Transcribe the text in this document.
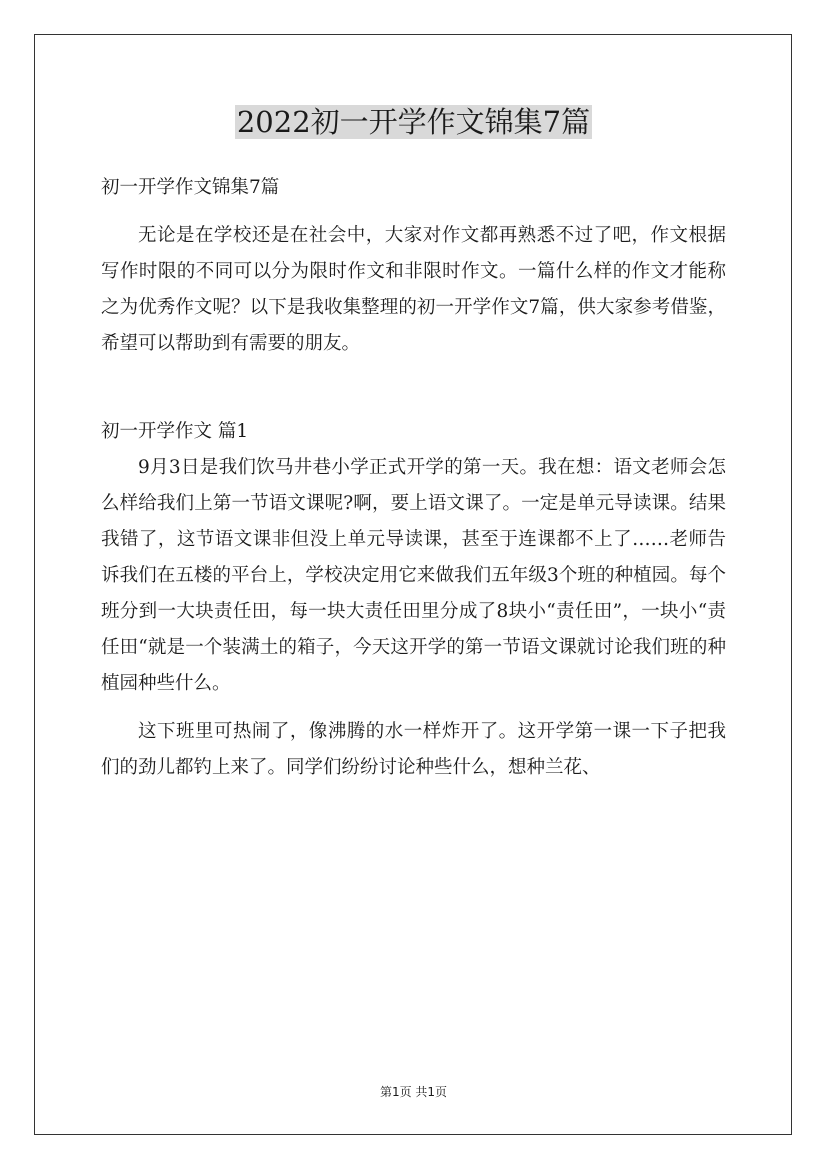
2022初一开学作文锦集7篇

初一开学作文锦集7篇

无论是在学校还是在社会中，大家对作文都再熟悉不过了吧，作文根据写作时限的不同可以分为限时作文和非限时作文。一篇什么样的作文才能称之为优秀作文呢？以下是我收集整理的初一开学作文7篇，供大家参考借鉴，希望可以帮助到有需要的朋友。

初一开学作文 篇1

9月3日是我们饮马井巷小学正式开学的第一天。我在想：语文老师会怎么样给我们上第一节语文课呢?啊，要上语文课了。一定是单元导读课。结果我错了，这节语文课非但没上单元导读课，甚至于连课都不上了……老师告诉我们在五楼的平台上，学校决定用它来做我们五年级3个班的种植园。每个班分到一大块责任田，每一块大责任田里分成了8块小“责任田”，一块小“责任田“就是一个装满土的箱子，今天这开学的第一节语文课就讨论我们班的种植园种些什么。

这下班里可热闹了，像沸腾的水一样炸开了。这开学第一课一下子把我们的劲儿都钓上来了。同学们纷纷讨论种些什么，想种兰花、

第1页 共1页
